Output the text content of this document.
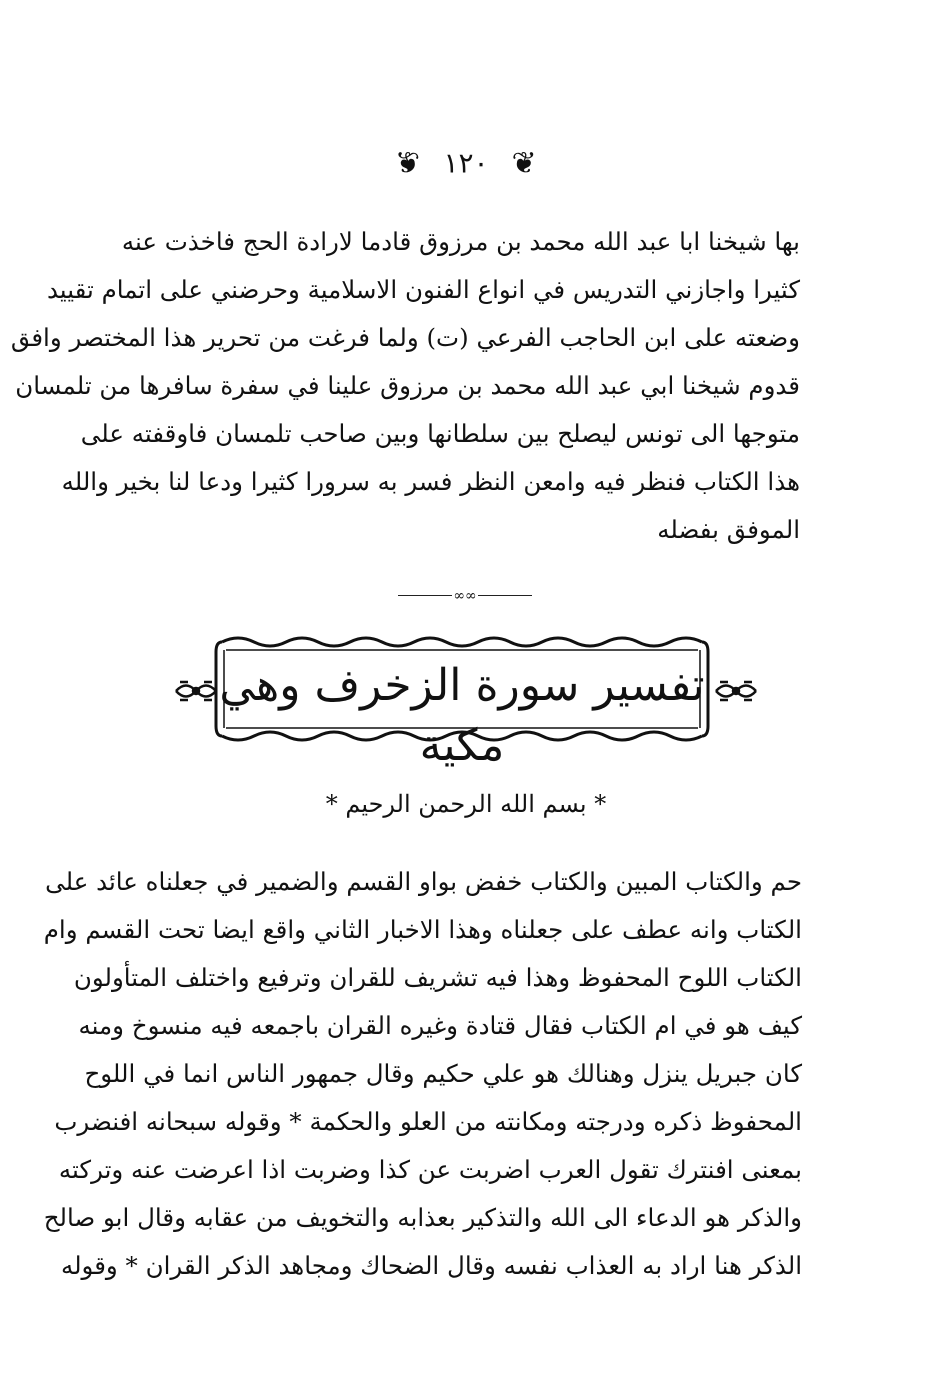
❦ ١٢٠ ❦
بها شيخنا ابا عبد الله محمد بن مرزوق قادما لارادة الحج فاخذت عنه
كثيرا واجازني التدريس في انواع الفنون الاسلامية وحرضني على اتمام تقييد
وضعته على ابن الحاجب الفرعي (ت) ولما فرغت من تحرير هذا المختصر وافق
قدوم شيخنا ابي عبد الله محمد بن مرزوق علينا في سفرة سافرها من تلمسان
متوجها الى تونس ليصلح بين سلطانها وبين صاحب تلمسان فاوقفته على
هذا الكتاب فنظر فيه وامعن النظر فسر به سرورا كثيرا ودعا لنا بخير والله
الموفق بفضله
∞∞
تفسير سورة الزخرف وهي مكية
* بسم الله الرحمن الرحيم *
حم والكتاب المبين والكتاب خفض بواو القسم والضمير في جعلناه عائد على
الكتاب وانه عطف على جعلناه وهذا الاخبار الثاني واقع ايضا تحت القسم وام
الكتاب اللوح المحفوظ وهذا فيه تشريف للقران وترفيع واختلف المتأولون
كيف هو في ام الكتاب فقال قتادة وغيره القران باجمعه فيه منسوخ ومنه
كان جبريل ينزل وهنالك هو علي حكيم وقال جمهور الناس انما في اللوح
المحفوظ ذكره ودرجته ومكانته من العلو والحكمة * وقوله سبحانه افنضرب
بمعنى افنترك تقول العرب اضربت عن كذا وضربت اذا اعرضت عنه وتركته
والذكر هو الدعاء الى الله والتذكير بعذابه والتخويف من عقابه وقال ابو صالح
الذكر هنا اراد به العذاب نفسه وقال الضحاك ومجاهد الذكر القران * وقوله
